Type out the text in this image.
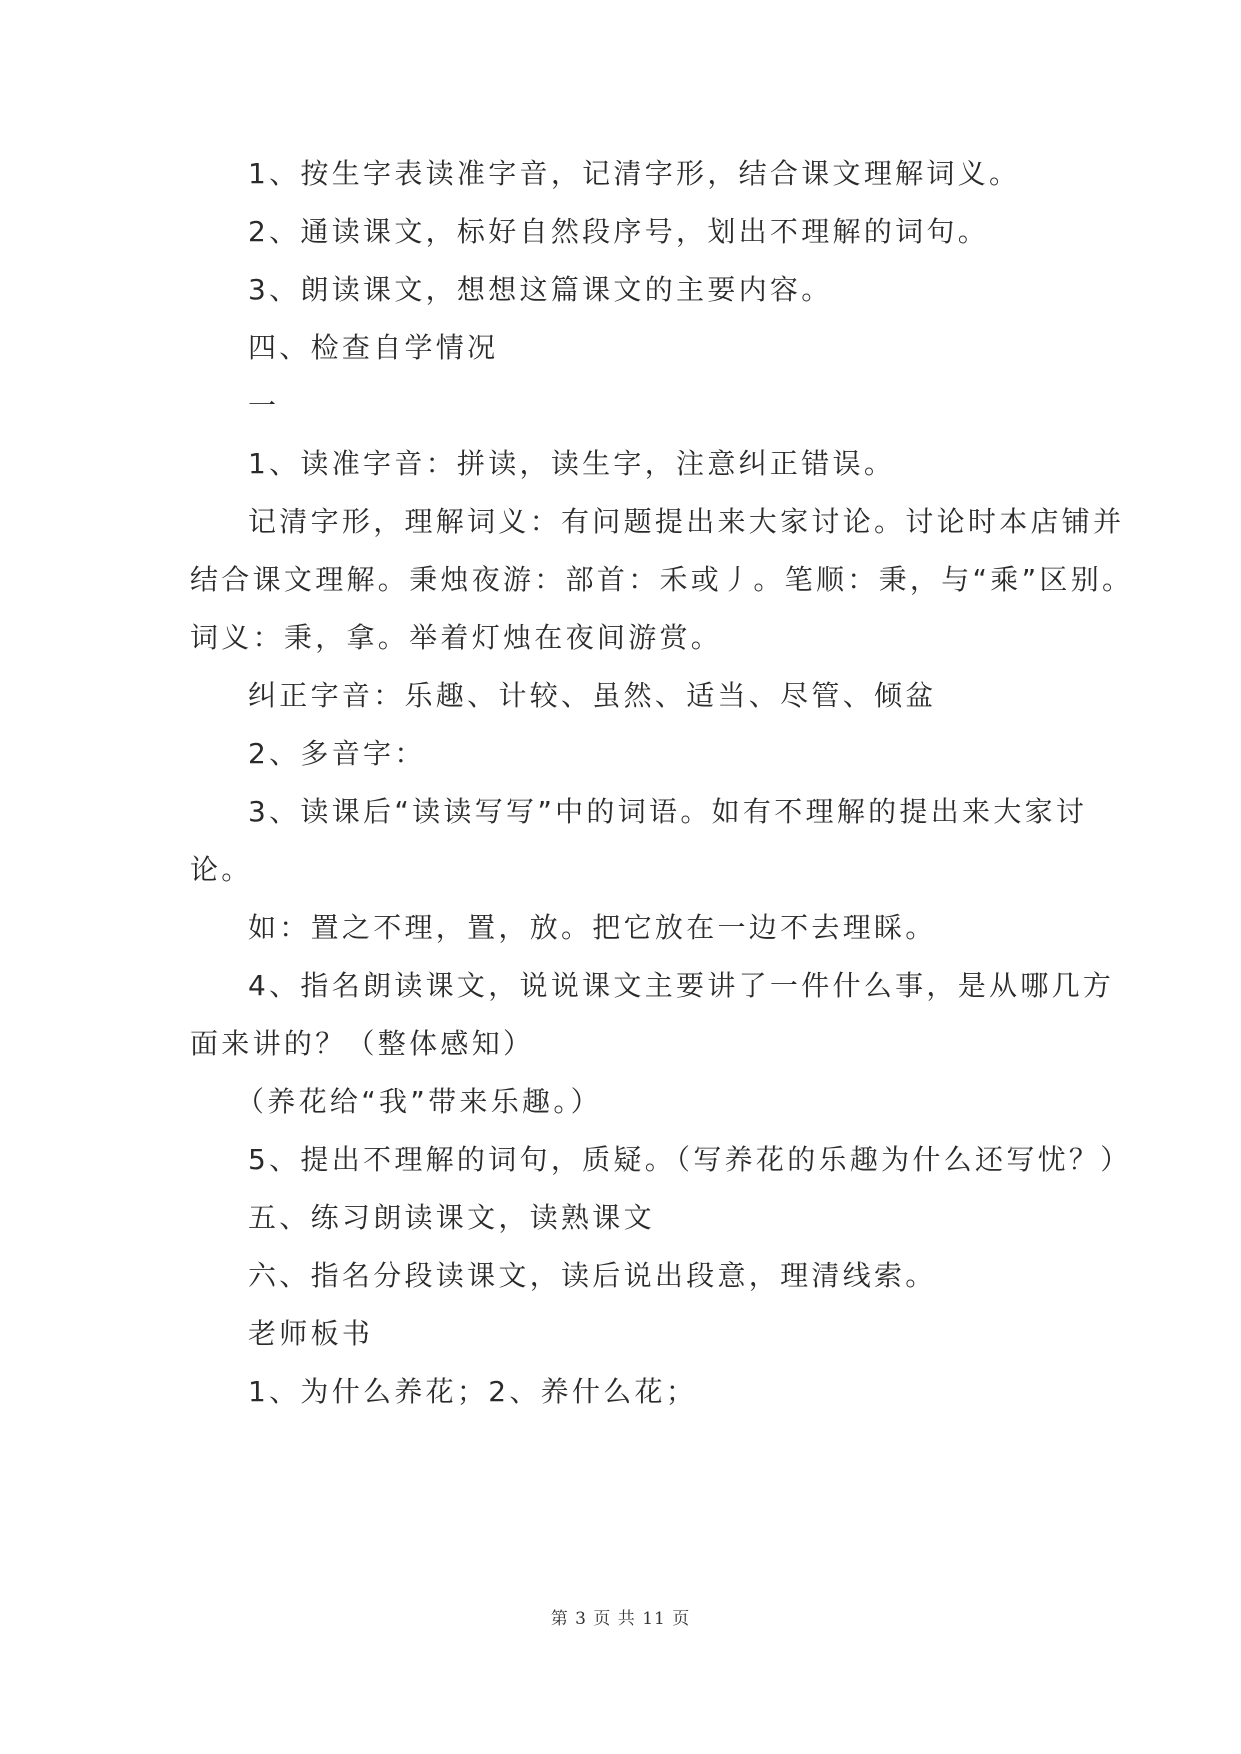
1、按生字表读准字音，记清字形，结合课文理解词义。
2、通读课文，标好自然段序号，划出不理解的词句。
3、朗读课文，想想这篇课文的主要内容。
四、检查自学情况
一
1、读准字音：拼读，读生字，注意纠正错误。
记清字形，理解词义：有问题提出来大家讨论。讨论时本店铺并
结合课文理解。秉烛夜游：部首：禾或丿。笔顺：秉，与“乘”区别。
词义：秉，拿。举着灯烛在夜间游赏。
纠正字音：乐趣、计较、虽然、适当、尽管、倾盆
2、多音字：
3、读课后“读读写写”中的词语。如有不理解的提出来大家讨
论。
如：置之不理，置，放。把它放在一边不去理睬。
4、指名朗读课文，说说课文主要讲了一件什么事，是从哪几方
面来讲的？（整体感知）
（养花给“我”带来乐趣。）
5、提出不理解的词句，质疑。（写养花的乐趣为什么还写忧？）
五、练习朗读课文，读熟课文
六、指名分段读课文，读后说出段意，理清线索。
老师板书
1、为什么养花；2、养什么花；
第 3 页 共 11 页
